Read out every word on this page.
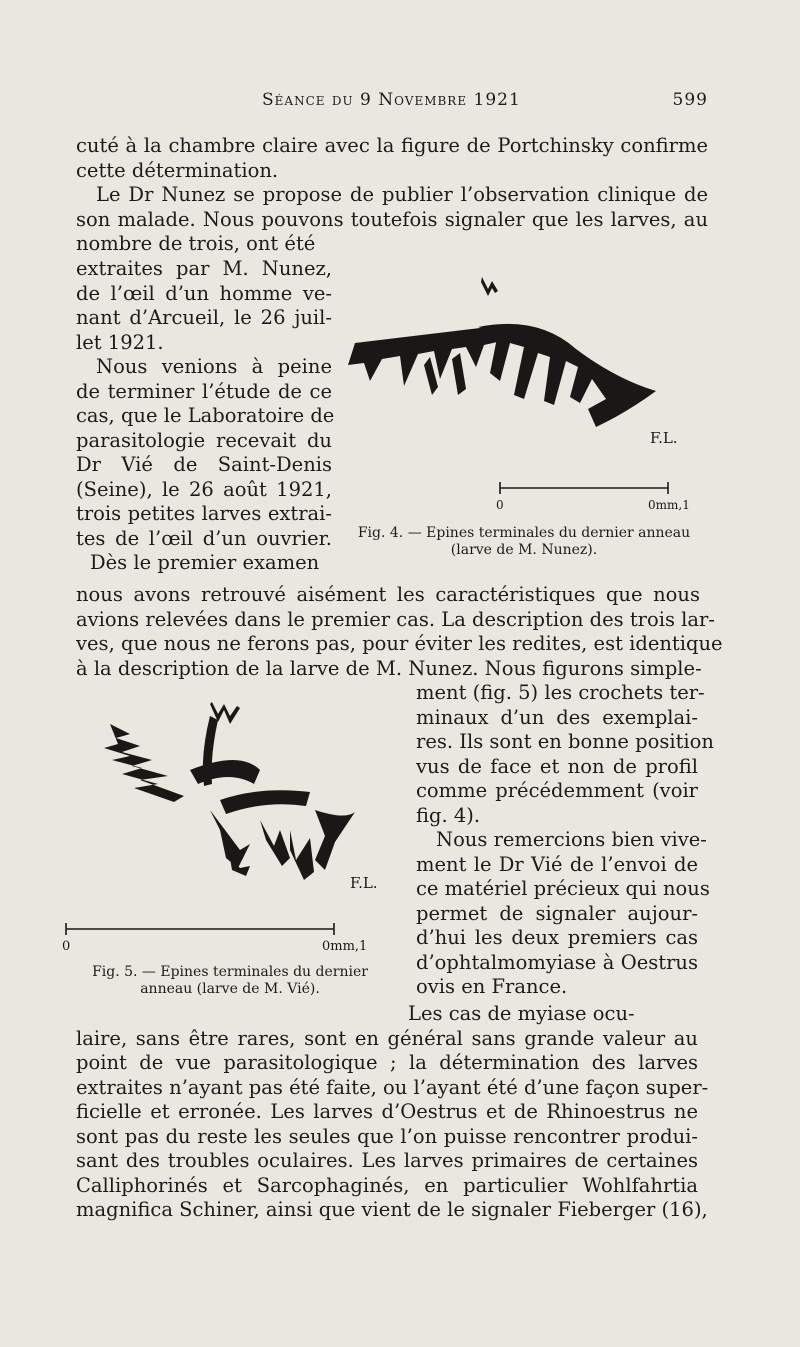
Séance du 9 Novembre 1921	599
cuté à la chambre claire avec la figure de Portchinsky confirme
cette détermination.
Le Dr Nunez se propose de publier l’observation clinique de
son malade. Nous pouvons toutefois signaler que les larves, au
nombre de trois, ont été
extraites par M. Nunez,
de l’œil d’un homme ve-
nant d’Arcueil, le 26 juil-
let 1921.
Nous venions à peine
de terminer l’étude de ce
cas, que le Laboratoire de
parasitologie recevait du
Dr Vié de Saint-Denis
(Seine), le 26 août 1921,
trois petites larves extrai-
tes de l’œil d’un ouvrier.
Dès le premier examen
F.L.
0	0mm,1
Fig. 4. — Epines terminales du dernier anneau
(larve de M. Nunez).
nous avons retrouvé aisément les caractéristiques que nous
avions relevées dans le premier cas. La description des trois lar-
ves, que nous ne ferons pas, pour éviter les redites, est identique
à la description de la larve de M. Nunez. Nous figurons simple-
ment (fig. 5) les crochets ter-
minaux d’un des exemplai-
res. Ils sont en bonne position
vus de face et non de profil
comme précédemment (voir
fig. 4).
Nous remercions bien vive-
ment le Dr Vié de l’envoi de
ce matériel précieux qui nous
permet de signaler aujour-
d’hui les deux premiers cas
d’ophtalmomyiase à Oestrus
ovis en France.
F.L.
0	0mm,1
Fig. 5. — Epines terminales du dernier
anneau (larve de M. Vié).
Les cas de myiase ocu-
laire, sans être rares, sont en général sans grande valeur au
point de vue parasitologique ; la détermination des larves
extraites n’ayant pas été faite, ou l’ayant été d’une façon super-
ficielle et erronée. Les larves d’Oestrus et de Rhinoestrus ne
sont pas du reste les seules que l’on puisse rencontrer produi-
sant des troubles oculaires. Les larves primaires de certaines
Calliphorinés et Sarcophaginés, en particulier Wohlfahrtia
magnifica Schiner, ainsi que vient de le signaler Fieberger (16),
